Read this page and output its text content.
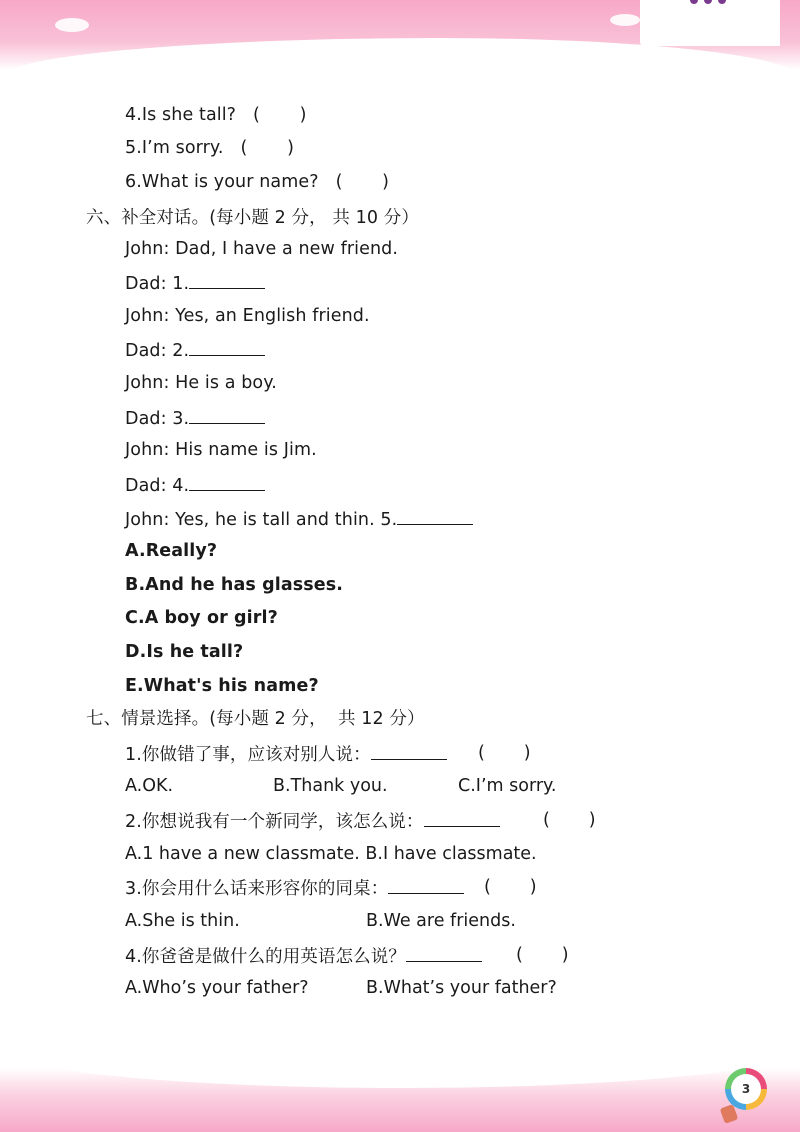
4.Is she tall?   (       )
5.I’m sorry.   (       )
6.What is your name?   (       )
六、补全对话。(每小题 2 分， 共 10 分）
John: Dad, I have a new friend.
Dad: 1.
John: Yes, an English friend.
Dad: 2.
John: He is a boy.
Dad: 3.
John: His name is Jim.
Dad: 4.
John: Yes, he is tall and thin. 5.
A.Really?
B.And he has glasses.
C.A boy or girl?
D.Is he tall?
E.What's his name?
七、情景选择。(每小题 2 分，  共 12 分）
1.你做错了事，应该对别人说：	(       )
A.OK.	B.Thank you.	C.I’m sorry.
2.你想说我有一个新同学，该怎么说：	(       )
A.1 have a new classmate. B.I have classmate.
3.你会用什么话来形容你的同桌：	(       )
A.She is thin.	B.We are friends.
4.你爸爸是做什么的用英语怎么说？	(       )
A.Who’s your father?	B.What’s your father?
3
